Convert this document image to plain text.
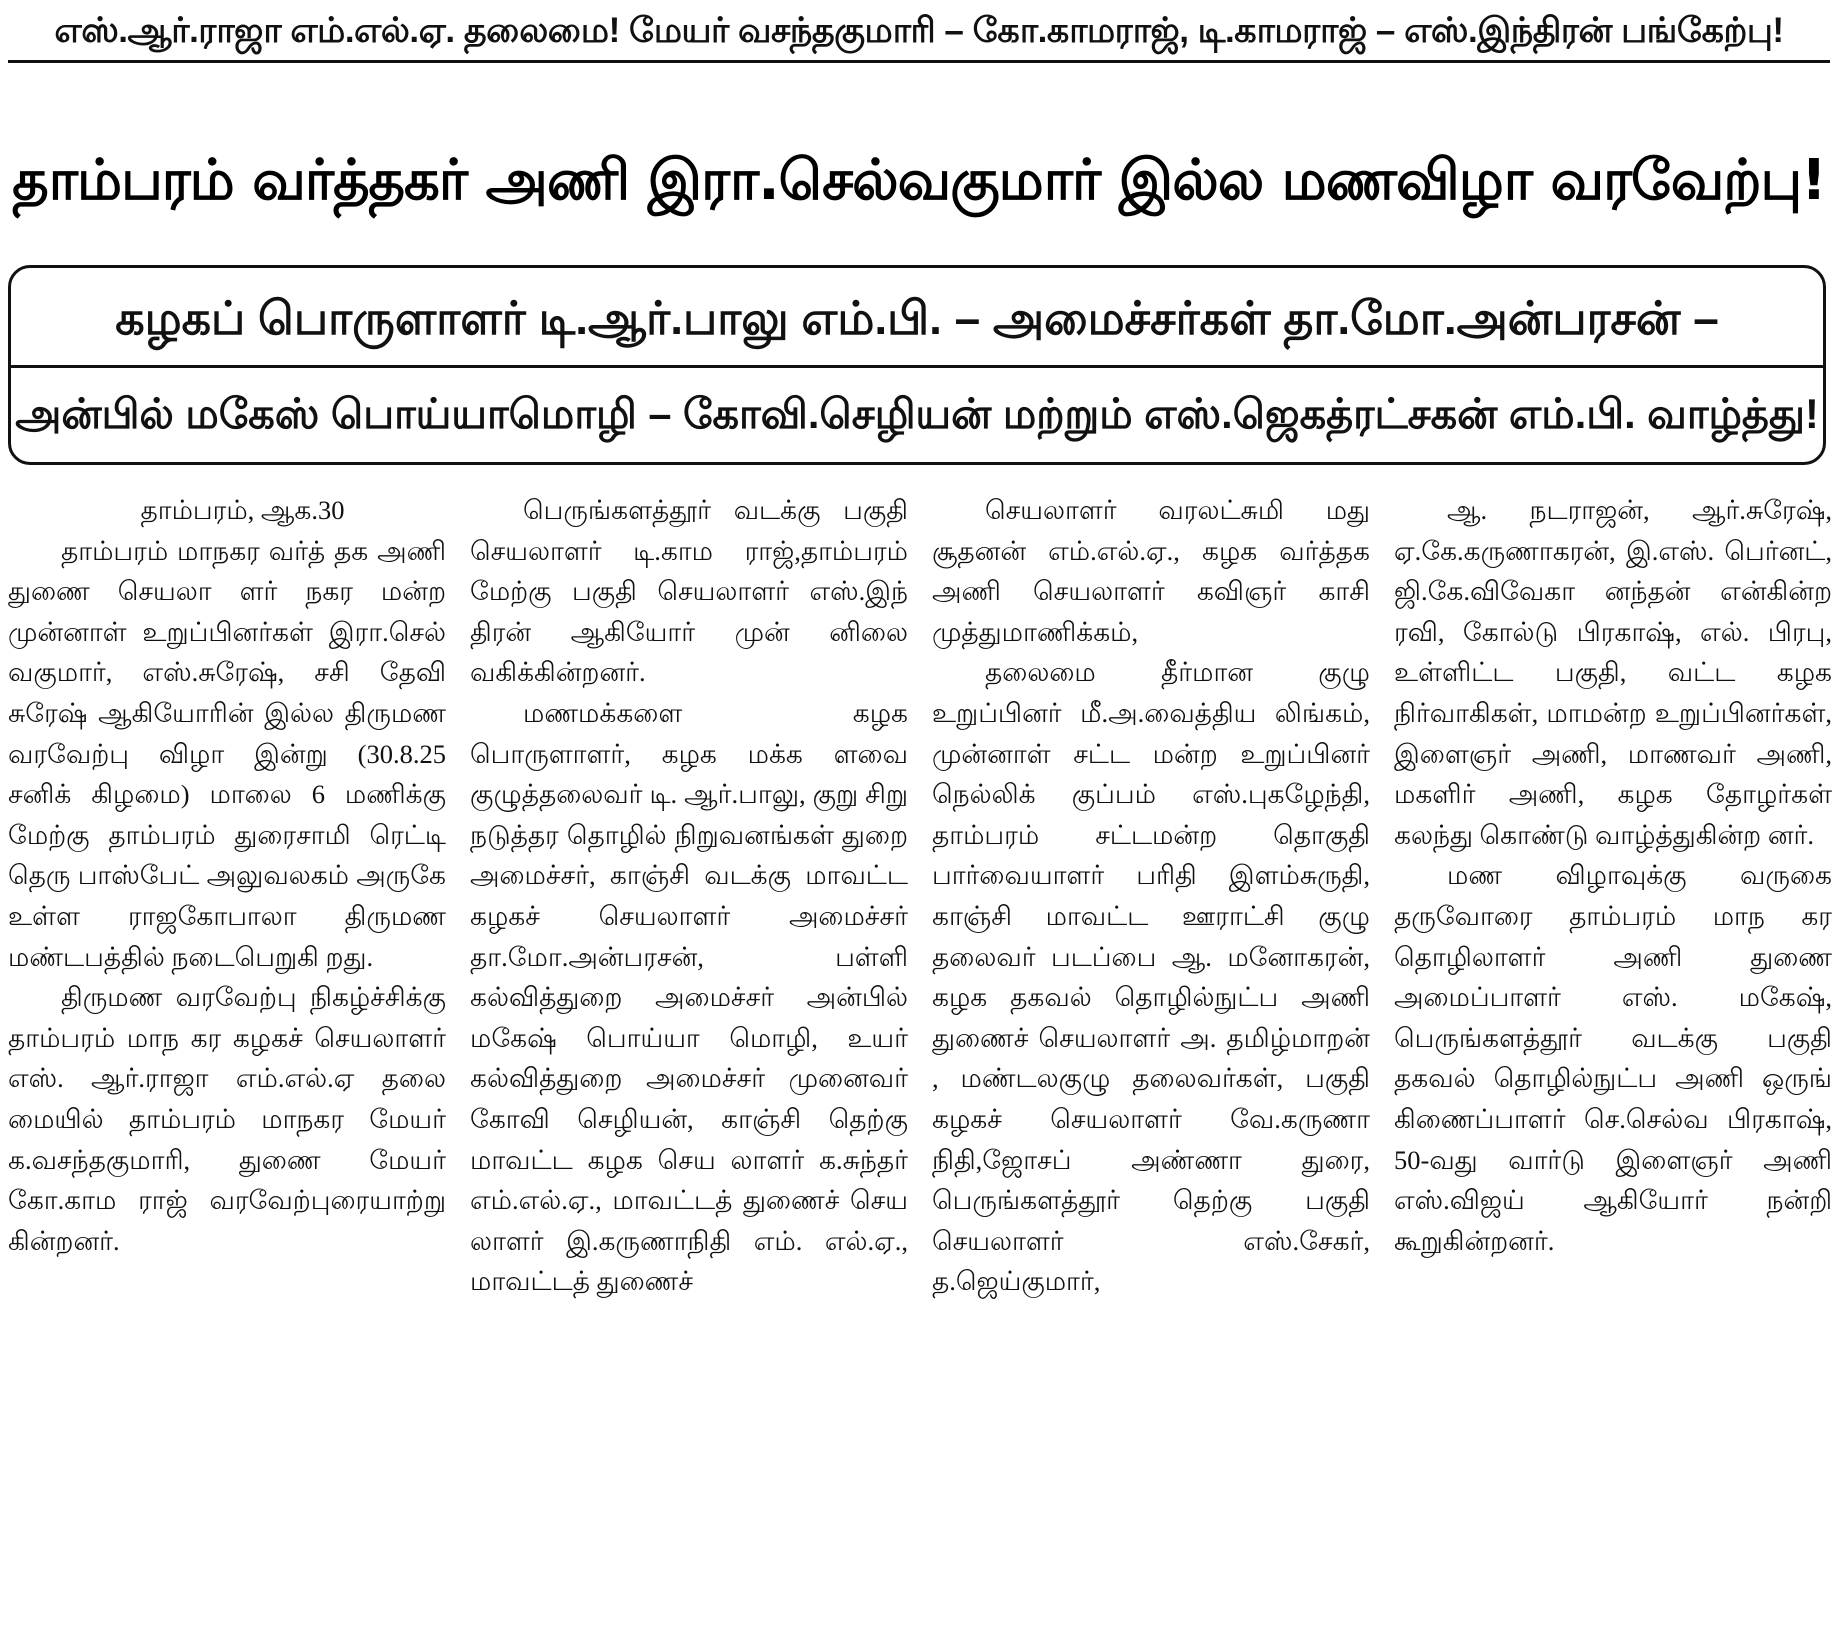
எஸ்.ஆர்.ராஜா எம்.எல்.ஏ. தலைமை! மேயர் வசந்தகுமாரி – கோ.காமராஜ், டி.காமராஜ் – எஸ்.இந்திரன் பங்கேற்பு!
தாம்பரம் வர்த்தகர் அணி இரா.செல்வகுமார் இல்ல மணவிழா வரவேற்பு!
கழகப் பொருளாளர் டி.ஆர்.பாலு எம்.பி. – அமைச்சர்கள் தா.மோ.அன்பரசன் –
அன்பில் மகேஸ் பொய்யாமொழி – கோவி.செழியன் மற்றும் எஸ்.ஜெகத்ரட்சகன் எம்.பி. வாழ்த்து!

தாம்பரம், ஆக.30

தாம்பரம் மாநகர வர்த் தக அணி துணை செயலா ளர் நகர மன்ற முன்னாள் உறுப்பினர்கள் இரா.செல் வகுமார், எஸ்.சுரேஷ், சசி தேவி சுரேஷ் ஆகியோரின் இல்ல திருமண வரவேற்பு விழா இன்று (30.8.25 சனிக் கிழமை) மாலை 6 மணிக்கு மேற்கு தாம்பரம் துரைசாமி ரெட்டி தெரு பாஸ்பேட் அலுவலகம் அருகே உள்ள ராஜகோபாலா திருமண மண்டபத்தில் நடைபெறுகி றது.

திருமண வரவேற்பு நிகழ்ச்சிக்கு தாம்பரம் மாந கர கழகச் செயலாளர் எஸ். ஆர்.ராஜா எம்.எல்.ஏ தலை மையில் தாம்பரம் மாநகர மேயர் க.வசந்தகுமாரி, துணை மேயர் கோ.காம ராஜ் வரவேற்புரையாற்று கின்றனர்.

பெருங்களத்தூர் வடக்கு பகுதி செயலாளர் டி.காம ராஜ்,தாம்பரம் மேற்கு பகுதி செயலாளர் எஸ்.இந் திரன் ஆகியோர் முன் னிலை வகிக்கின்றனர்.

மணமக்களை கழக பொருளாளர், கழக மக்க ளவை குழுத்தலைவர் டி. ஆர்.பாலு, குறு சிறு நடுத்தர தொழில் நிறுவனங்கள் துறை அமைச்சர், காஞ்சி வடக்கு மாவட்ட கழகச் செயலாளர் அமைச்சர் தா.மோ.அன்பரசன், பள்ளி கல்வித்துறை அமைச்சர் அன்பில் மகேஷ் பொய்யா மொழி, உயர் கல்வித்துறை அமைச்சர் முனைவர் கோவி செழியன், காஞ்சி தெற்கு மாவட்ட கழக செய லாளர் க.சுந்தர் எம்.எல்.ஏ., மாவட்டத் துணைச் செய லாளர் இ.கருணாநிதி எம். எல்.ஏ., மாவட்டத் துணைச்

செயலாளர் வரலட்சுமி மது சூதனன் எம்.எல்.ஏ., கழக வர்த்தக அணி செயலாளர் கவிஞர் காசி முத்துமாணிக்கம்,

தலைமை தீர்மான குழு உறுப்பினர் மீ.அ.வைத்திய லிங்கம், முன்னாள் சட்ட மன்ற உறுப்பினர் நெல்லிக் குப்பம் எஸ்.புகழேந்தி, தாம்பரம் சட்டமன்ற தொகுதி பார்வையாளர் பரிதி இளம்சுருதி, காஞ்சி மாவட்ட ஊராட்சி குழு தலைவர் படப்பை ஆ. மனோகரன், கழக தகவல் தொழில்நுட்ப அணி துணைச் செயலாளர் அ. தமிழ்மாறன் , மண்டலகுழு தலைவர்கள், பகுதி கழகச் செயலாளர் வே.கருணா நிதி,ஜோசப் அண்ணா துரை, பெருங்களத்தூர் தெற்கு பகுதி செயலாளர் எஸ்.சேகர், த.ஜெய்குமார்,

ஆ. நடராஜன், ஆர்.சுரேஷ், ஏ.கே.கருணாகரன், இ.எஸ். பெர்னட், ஜி.கே.விவேகா னந்தன் என்கின்ற ரவி, கோல்டு பிரகாஷ், எல். பிரபு, உள்ளிட்ட பகுதி, வட்ட கழக நிர்வாகிகள், மாமன்ற உறுப்பினர்கள், இளைஞர் அணி, மாணவர் அணி, மகளிர் அணி, கழக தோழர்கள் கலந்து கொண்டு வாழ்த்துகின்ற னர்.

மண விழாவுக்கு வருகை தருவோரை தாம்பரம் மாந கர தொழிலாளர் அணி துணை அமைப்பாளர் எஸ். மகேஷ், பெருங்களத்தூர் வடக்கு பகுதி தகவல் தொழில்நுட்ப அணி ஒருங் கிணைப்பாளர் செ.செல்வ பிரகாஷ், 50-வது வார்டு இளைஞர் அணி எஸ்.விஜய் ஆகியோர் நன்றி கூறுகின்றனர்.
